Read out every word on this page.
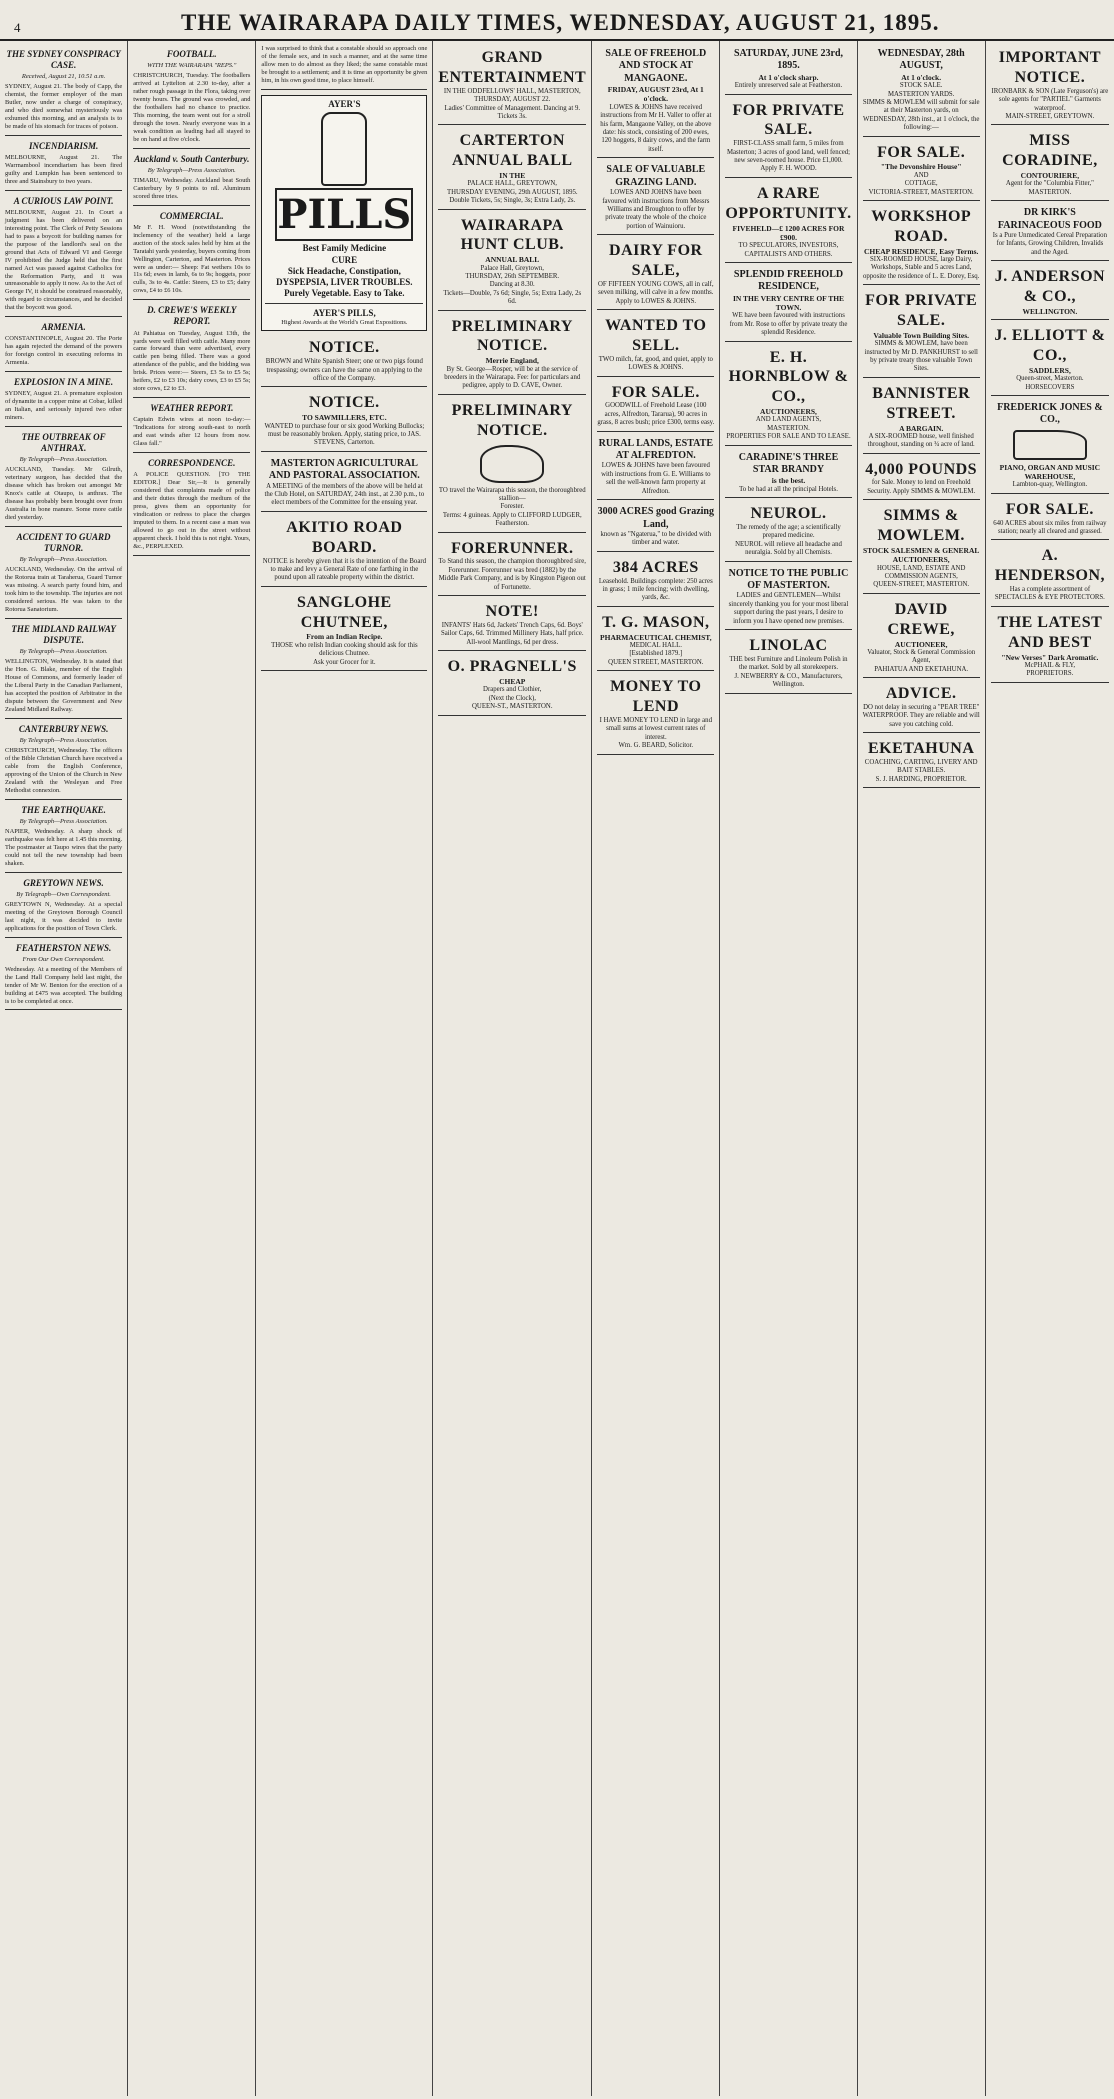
4	THE WAIRARAPA DAILY TIMES, WEDNESDAY, AUGUST 21, 1895.
THE SYDNEY CONSPIRACY CASE.
Received, August 21, 10.51 a.m.
SYDNEY, August 21. The body of Capp, the chemist, the former employer of the man Butler, now under a charge of conspiracy, and who died somewhat mysteriously was exhumed this morning, and an analysis is to be made of his stomach for traces of poison.
INCENDIARISM.
MELBOURNE, August 21. The Warrnambool incendiarism has been fired guilty and Lumpkin has been sentenced to three and Stainsbury to two years.
A CURIOUS LAW POINT.
MELBOURNE, August 21. In Court a judgment has been delivered on an interesting point. The Clerk of Petty Sessions had to pass a boycott for building names for the purpose of the landlord's seal on the ground that Acts of Edward VI and George IV prohibited the Judge held that the first named Act was passed against Catholics for the Reformation Party, and it was unreasonable to apply it now. As to the Act of George IV, it should be construed reasonably, with regard to circumstances, and he decided that the boycott was good.
ARMENIA.
CONSTANTINOPLE, August 20. The Porte has again rejected the demand of the powers for foreign control in executing reforms in Armenia.
EXPLOSION IN A MINE.
SYDNEY, August 21. A premature explosion of dynamite in a copper mine at Cobar, killed an Italian, and seriously injured two other miners.
THE OUTBREAK OF ANTHRAX.
By Telegraph—Press Association.
AUCKLAND, Tuesday. Mr Gilruth, veterinary surgeon, has decided that the disease which has broken out amongst Mr Knox's cattle at Otaupo, is anthrax. The disease has probably been brought over from Australia in bone manure. Some more cattle died yesterday.
ACCIDENT TO GUARD TURNOR.
By Telegraph—Press Association.
AUCKLAND, Wednesday. On the arrival of the Rotorua train at Taraherua, Guard Turnor was missing. A search party found him, and took him to the township. The injuries are not considered serious. He was taken to the Rotorua Sanatorium.
THE MIDLAND RAILWAY DISPUTE.
By Telegraph—Press Association.
WELLINGTON, Wednesday. It is stated that the Hon. G. Blake, member of the English House of Commons, and formerly leader of the Liberal Party in the Canadian Parliament, has accepted the position of Arbitrator in the dispute between the Government and New Zealand Midland Railway.
CANTERBURY NEWS.
By Telegraph—Press Association.
CHRISTCHURCH, Wednesday. The officers of the Bible Christian Church have received a cable from the English Conference, approving of the Union of the Church in New Zealand with the Wesleyan and Free Methodist connexion.
THE EARTHQUAKE.
By Telegraph—Press Association.
NAPIER, Wednesday. A sharp shock of earthquake was felt here at 1.45 this morning. The postmaster at Taupo wires that the party could not tell the new township had been shaken.
GREYTOWN NEWS.
By Telegraph—Own Correspondent.
GREYTOWN N, Wednesday. At a special meeting of the Greytown Borough Council last night, it was decided to invite applications for the position of Town Clerk.
FEATHERSTON NEWS.
From Our Own Correspondent.
Wednesday. At a meeting of the Members of the Land Hall Company held last night, the tender of Mr W. Benton for the erection of a building at £475 was accepted. The building is to be completed at once.
FOOTBALL.
WITH THE WAIRARAPA "REPS."
CHRISTCHURCH, Tuesday. The footballers arrived at Lyttelton at 2.30 to-day, after a rather rough passage in the Flora, taking over twenty hours. The ground was crowded, and the footballers had no chance to practice. This morning, the team went out for a stroll through the town. Nearly everyone was in a weak condition as leading had all stayed to be on hand at five o'clock.
Auckland v. South Canterbury.
By Telegraph—Press Association.
TIMARU, Wednesday. Auckland beat South Canterbury by 9 points to nil. Aluminum scored three tries.
COMMERCIAL.
Mr F. H. Wood (notwithstanding the inclemency of the weather) held a large auction of the stock sales held by him at the Taratahi yards yesterday, buyers coming from Wellington, Carterton, and Masterton. Prices were as under:— Sheep: Fat wethers 10s to 11s 6d; ewes in lamb, 6s to 9s; hoggets, poor culls, 3s to 4s. Cattle: Steers, £3 to £5; dairy cows, £4 to £6 10s.
D. CREWE'S WEEKLY REPORT.
At Pahiatua on Tuesday, August 13th, the yards were well filled with cattle. Many more came forward than were advertised, every cattle pen being filled. There was a good attendance of the public, and the bidding was brisk. Prices were:— Steers, £3 5s to £5 5s; heifers, £2 to £3 10s; dairy cows, £3 to £5 5s; store cows, £2 to £3.
WEATHER REPORT.
Captain Edwin wires at noon to-day:— "Indications for strong south-east to north and east winds after 12 hours from now. Glass fall."
CORRESPONDENCE.
A POLICE QUESTION. [TO THE EDITOR.] Dear Sir,—It is generally considered that complaints made of police and their duties through the medium of the press, gives them an opportunity for vindication or redress to place the charges imputed to them. In a recent case a man was allowed to go out in the street without apparent check. I hold this is not right. Yours, &c., PERPLEXED.
I was surprised to think that a constable should so approach one of the female sex, and in such a manner, and at the same time allow men to do almost as they liked; the same constable must be brought to a settlement; and it is time an opportunity be given him, in his own good time, to place himself.
AYER'S
PILLS
Best Family Medicine
CURE
Sick Headache, Constipation,
DYSPEPSIA, LIVER TROUBLES.
Purely Vegetable. Easy to Take.
AYER'S PILLS,
Highest Awards at the World's Great Expositions.
NOTICE.
BROWN and White Spanish Steer; one or two pigs found trespassing; owners can have the same on applying to the office of the Company.
NOTICE.
TO SAWMILLERS, ETC.
WANTED to purchase four or six good Working Bullocks; must be reasonably broken. Apply, stating price, to JAS. STEVENS, Carterton.
MASTERTON AGRICULTURAL AND PASTORAL ASSOCIATION.
A MEETING of the members of the above will be held at the Club Hotel, on SATURDAY, 24th inst., at 2.30 p.m., to elect members of the Committee for the ensuing year.
AKITIO ROAD BOARD.
NOTICE is hereby given that it is the intention of the Board to make and levy a General Rate of one farthing in the pound upon all rateable property within the district.
SANGLOHE CHUTNEE,
From an Indian Recipe.
THOSE who relish Indian cooking should ask for this delicious Chutnee.
Ask your Grocer for it.
GRAND ENTERTAINMENT
IN THE ODDFELLOWS' HALL, MASTERTON, THURSDAY, AUGUST 22.
Ladies' Committee of Management. Dancing at 9. Tickets 3s.
CARTERTON ANNUAL BALL
IN THE
PALACE HALL, GREYTOWN,
THURSDAY EVENING, 29th AUGUST, 1895.
Double Tickets, 5s; Single, 3s; Extra Lady, 2s.
WAIRARAPA HUNT CLUB.
ANNUAL BALL
Palace Hall, Greytown,
THURSDAY, 26th SEPTEMBER.
Dancing at 8.30.
Tickets—Double, 7s 6d; Single, 5s; Extra Lady, 2s 6d.
PRELIMINARY NOTICE.
Merrie England,
By St. George—Rosper, will be at the service of breeders in the Wairarapa. Fee: for particulars and pedigree, apply to D. CAVE, Owner.
PRELIMINARY NOTICE.
TO travel the Wairarapa this season, the thoroughbred stallion—
Forester.
Terms: 4 guineas. Apply to CLIFFORD LUDGER, Featherston.
FORERUNNER.
To Stand this season, the champion thoroughbred sire, Forerunner. Forerunner was bred (1882) by the Middle Park Company, and is by Kingston Pigeon out of Fortunette.
NOTE!
INFANTS' Hats 6d, Jackets' Trench Caps, 6d. Boys' Sailor Caps, 6d. Trimmed Millinery Hats, half price. All-wool Mantlings, 6d per dress.
O. PRAGNELL'S
CHEAP
Drapers and Clothier,
(Next the Clock),
QUEEN-ST., MASTERTON.
SALE OF FREEHOLD AND STOCK AT MANGAONE.
FRIDAY, AUGUST 23rd, At 1 o'clock.
LOWES & JOHNS have received instructions from Mr H. Valler to offer at his farm, Mangaone Valley, on the above date: his stock, consisting of 200 ewes, 120 hoggets, 8 dairy cows, and the farm itself.
SALE OF VALUABLE GRAZING LAND.
LOWES AND JOHNS have been favoured with instructions from Messrs Williams and Broughton to offer by private treaty the whole of the choice portion of Wainuioru.
DAIRY FOR SALE,
OF FIFTEEN YOUNG COWS, all in calf, seven milking, will calve in a few months. Apply to LOWES & JOHNS.
WANTED TO SELL.
TWO milch, fat, good, and quiet, apply to LOWES & JOHNS.
FOR SALE.
GOODWILL of Freehold Lease (100 acres, Alfredton, Tararua), 90 acres in grass, 8 acres bush; price £300, terms easy.
RURAL LANDS, ESTATE AT ALFREDTON.
LOWES & JOHNS have been favoured with instructions from G. E. Williams to sell the well-known farm property at Alfredton.
3000 ACRES good Grazing Land,
known as "Ngaterua," to be divided with timber and water.
384 ACRES
Leasehold. Buildings complete: 250 acres in grass; 1 mile fencing; with dwelling, yards, &c.
T. G. MASON,
PHARMACEUTICAL CHEMIST,
MEDICAL HALL.
[Established 1879.]
QUEEN STREET, MASTERTON.
MONEY TO LEND
I HAVE MONEY TO LEND in large and small sums at lowest current rates of interest.
Wm. G. BEARD, Solicitor.
SATURDAY, JUNE 23rd, 1895.
At 1 o'clock sharp.
Entirely unreserved sale at Featherston.
FOR PRIVATE SALE.
FIRST-CLASS small farm, 5 miles from Masterton; 3 acres of good land, well fenced; new seven-roomed house. Price £1,000. Apply F. H. WOOD.
A RARE OPPORTUNITY.
FIVEHELD—£ 1200 ACRES FOR £900.
TO SPECULATORS, INVESTORS, CAPITALISTS AND OTHERS.
SPLENDID FREEHOLD RESIDENCE,
IN THE VERY CENTRE OF THE TOWN.
WE have been favoured with instructions from Mr. Rose to offer by private treaty the splendid Residence.
E. H. HORNBLOW & CO.,
AUCTIONEERS,
AND LAND AGENTS,
MASTERTON.
PROPERTIES FOR SALE AND TO LEASE.
CARADINE'S THREE STAR BRANDY
is the best.
To be had at all the principal Hotels.
NEUROL.
The remedy of the age; a scientifically prepared medicine.
NEUROL will relieve all headache and neuralgia. Sold by all Chemists.
NOTICE TO THE PUBLIC OF MASTERTON.
LADIES and GENTLEMEN—Whilst sincerely thanking you for your most liberal support during the past years, I desire to inform you I have opened new premises.
LINOLAC
THE best Furniture and Linoleum Polish in the market. Sold by all storekeepers.
J. NEWBERRY & CO., Manufacturers, Wellington.
WEDNESDAY, 28th AUGUST,
At 1 o'clock.
STOCK SALE.
MASTERTON YARDS.
SIMMS & MOWLEM will submit for sale at their Masterton yards, on WEDNESDAY, 28th inst., at 1 o'clock, the following:—
FOR SALE.
"The Devonshire House"
AND
COTTAGE,
VICTORIA-STREET, MASTERTON.
WORKSHOP ROAD.
CHEAP RESIDENCE, Easy Terms.
SIX-ROOMED HOUSE, large Dairy, Workshops, Stable and 5 acres Land, opposite the residence of L. E. Dorey, Esq.
FOR PRIVATE SALE.
Valuable Town Building Sites.
SIMMS & MOWLEM, have been instructed by Mr D. PANKHURST to sell by private treaty those valuable Town Sites.
BANNISTER STREET.
A BARGAIN.
A SIX-ROOMED house, well finished throughout, standing on ¾ acre of land.
4,000 POUNDS
for Sale. Money to lend on Freehold Security. Apply SIMMS & MOWLEM.
SIMMS & MOWLEM.
STOCK SALESMEN & GENERAL AUCTIONEERS,
HOUSE, LAND, ESTATE AND COMMISSION AGENTS,
QUEEN-STREET, MASTERTON.
DAVID CREWE,
AUCTIONEER,
Valuator, Stock & General Commission Agent,
PAHIATUA AND EKETAHUNA.
ADVICE.
DO not delay in securing a "PEAR TREE" WATERPROOF. They are reliable and will save you catching cold.
EKETAHUNA
COACHING, CARTING, LIVERY AND BAIT STABLES.
S. J. HARDING, PROPRIETOR.
IMPORTANT NOTICE.
IRONBARK & SON (Late Ferguson's) are sole agents for "PARTIEL" Garments waterproof.
MAIN-STREET, GREYTOWN.
MISS CORADINE,
CONTOURIERE,
Agent for the "Columbia Fitter,"
MASTERTON.
DR KIRK'S FARINACEOUS FOOD
Is a Pure Unmedicated Cereal Preparation for Infants, Growing Children, Invalids and the Aged.
J. ANDERSON & CO.,
WELLINGTON.
J. ELLIOTT & CO.,
SADDLERS,
Queen-street, Masterton.
HORSECOVERS
FREDERICK JONES & CO.,
PIANO, ORGAN AND MUSIC WAREHOUSE,
Lambton-quay, Wellington.
FOR SALE.
640 ACRES about six miles from railway station; nearly all cleared and grassed.
A. HENDERSON,
Has a complete assortment of SPECTACLES & EYE PROTECTORS.
THE LATEST AND BEST
"New Verses" Dark Aromatic.
McPHAIL & FLY,
PROPRIETORS.
